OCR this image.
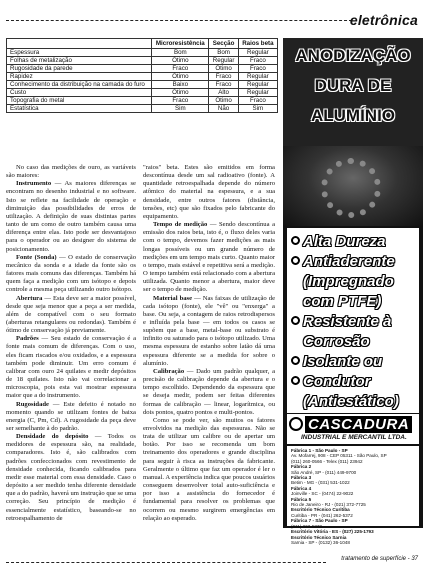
eletrônica
	Microresistência	Secção	Raios beta
Espessura	Bom	Bom	Regular
Folhas de metalização	Ótimo	Regular	Fraco
Rugosidade da parede	Fraco	Ótimo	Fraco
Rapidez	Ótimo	Fraco	Regular
Conhecimento da distribuição na camada do furo	Baixo	Fraco	Regular
Custo	Ótimo	Alto	Regular
Topografia do metal	Fraco	Ótimo	Fraco
Estatística	Sim	Não	Sim

No caso das medições de ouro, as variáveis são maiores:

Instrumento — As maiores diferenças se encontram no desenho industrial e no software. Isto se reflete na facilidade de operação e diminuição das possibilidades de erros de utilização. A definição de suas distintas partes tanto de um como de outro também causa uma diferença entre elas. Isto pode ser desvantajoso para o operador ou ao designer do sistema de posicionamento.

Fonte (Sonda) — O estado de conservação mecânico da sonda e a idade da fonte são os fatores mais comuns das diferenças. Também há quem faça a medição com um isótopo e depois controle a mesma peça utilizando outro isótopo.

Abertura — Esta deve ser a maior possível, desde que seja menor que a peça a ser medida, além de compatível com o seu formato (aberturas retangulares ou redondas). Também é ótimo de conservação já previamente.

Padrões — Seu estado de conservação é a fonte mais comum de diferenças. Com o uso, eles ficam riscados e/ou oxidados, e a espessura também pode diminuir. Um erro comum é calibrar com ouro 24 quilates e medir depósitos de 18 quilates. Isto não vai correlacionar a microscopia, pois esta vai mostrar espessura maior que a do instrumento.

Rugosidade — Este defeito é notado no momento quando se utilizam fontes de baixa energia (C, Pm, Cd). A rugosidade da peça deve ser semelhante à do padrão.

Densidade do depósito — Todos os medidores de espessura são, na realidade, comparadores. Isto é, são calibrados com padrões confeccionados com revestimento de densidade conhecida, ficando calibrados para medir esse material com essa densidade. Caso o depósito a ser medido tenha diferente densidade que a do padrão, haverá um instrução que se uma correção. Seu princípio de medição é essencialmente estatístico, baseando-se no retroespalhamento de

"raios" beta. Estes são emitidos em forma descontínua desde um sal radioativo (fonte). A quantidade retroespalhada depende do número atômico do material na espessura, e a sua densidade, entre outros fatores (distância, tensões, etc) que são fixados pelo fabricante do equipamento.

Tempo de medição — Sendo descontínua a emissão dos raios beta, isto é, o fluxo deles varia com o tempo, devemos fazer medições as mais longas possíveis ou um grande número de medições em um tempo mais curto. Quanto maior o tempo, mais estável e repetitiva será a medição. O tempo também está relacionado com a abertura utilizada. Quanto menor a abertura, maior deve ser o tempo de medição.

Material base — Nas faixas de utilização de cada isótopo (fonte), ele "vê" ou "enxerga" a base. Ou seja, a contagem de raios retrodispersos e influída pela base — em todos os casos se supõem que a base, metal-base ou substrato é infinito ou saturado para o isótopo utilizado. Uma mesma espessura de estanho sobre latão dá uma espessura diferente se a medida for sobre o alumínio.

Calibração — Dado um padrão qualquer, a precisão de calibração depende da abertura e o tempo escolhido. Dependendo da espessura que se deseja medir, podem ser feitas diferentes formas de calibração — linear, logarítmica, ou dois pontos, quatro pontos e multi-pontos.

Como se pode ver, são muitos os fatores envolvidos na medição das espessuras. Não se trata de utilizar um calibre ou de apertar um botão. Por isso se recomenda um bom treinamento dos operadores e grande disciplina para seguir à risca as instruções da fabricante. Geralmente o último que faz um operador é ler o manual. A experiência indica que poucos usuários conseguem desenvolver total auto-suficiência e por isso a assistência do fornecedor é fundamental para resolver os problemas que ocorrem ou mesmo surgirem emergências em relação ao esperado.

ANODIZAÇÃO
DURA DE
ALUMÍNIO
Alta Dureza
Antiaderente
(Impregnado
com PTFE)
Resistente à
Corrosão
Isolante ou
Condutor
(Antiestático)
CASCADURA
INDUSTRIAL E MERCANTIL LTDA.
Fábrica 1 - São Paulo - SP
Av. Mofarrej, 908 - CEP 05311 - São Paulo, SP
(011) 260-0566 - Telex (011) 23942
Fábrica 2
São André, SP - (011) 449-9700
Fábrica 3
Betim - MG - (031) 531-1022
Fábrica 4
Joinville - SC - (0474) 22-9022
Fábrica 5
Rio de Janeiro - RJ - (021) 372-7725
Escritório Técnico Curitiba
Curitiba - PR - (041) 262-5372
Fábrica 7 - São Paulo - SP
(011) 262-5372
Escritório Vitória - ES - (027) 225-1793
Escritório Técnico Sarnia
Sarnia - SP - (0132) 36-1048
tratamento de superfície - 37
